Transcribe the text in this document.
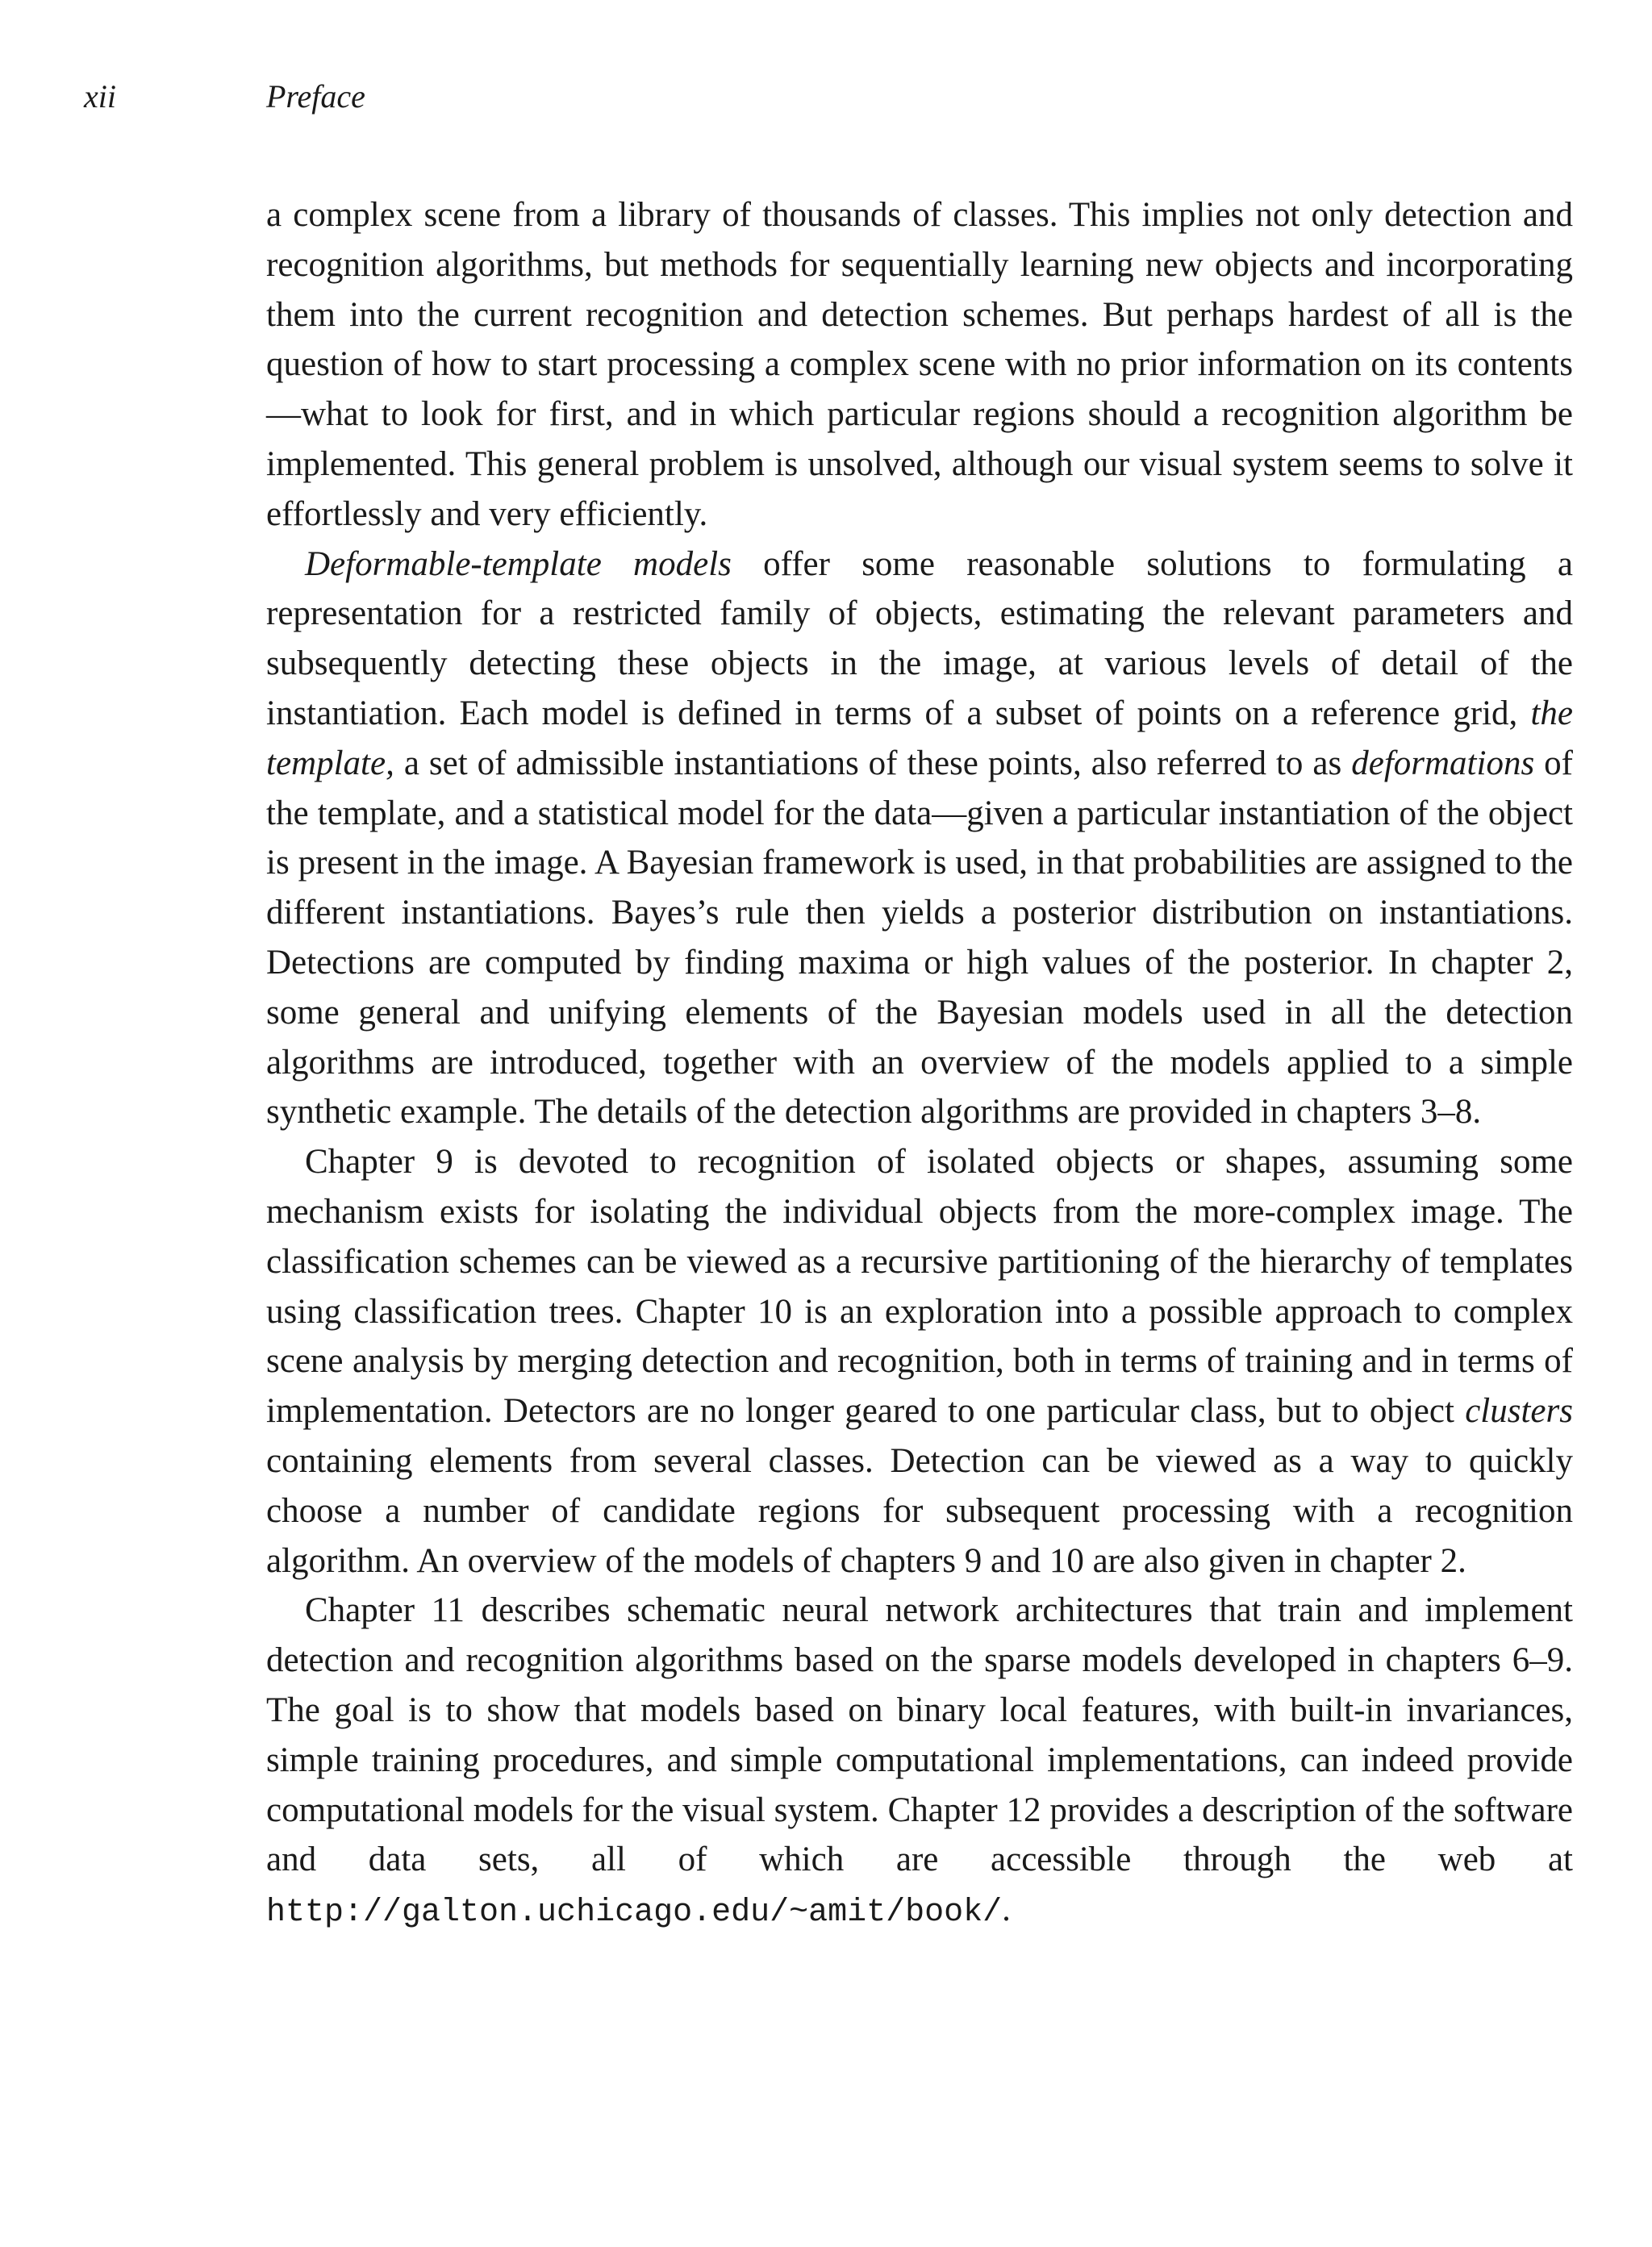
xii	Preface

a complex scene from a library of thousands of classes. This implies not only detection and recognition algorithms, but methods for sequentially learning new objects and incorporating them into the current recognition and detection schemes. But perhaps hardest of all is the question of how to start processing a complex scene with no prior information on its contents—what to look for first, and in which particular regions should a recognition algorithm be implemented. This general problem is unsolved, although our visual system seems to solve it effortlessly and very efficiently.

Deformable-template models offer some reasonable solutions to formulating a representation for a restricted family of objects, estimating the relevant parameters and subsequently detecting these objects in the image, at various levels of detail of the instantiation. Each model is defined in terms of a subset of points on a reference grid, the template, a set of admissible instantiations of these points, also referred to as deformations of the template, and a statistical model for the data—given a particular instantiation of the object is present in the image. A Bayesian framework is used, in that probabilities are assigned to the different instantiations. Bayes’s rule then yields a posterior distribution on instantiations. Detections are computed by finding maxima or high values of the posterior. In chapter 2, some general and unifying elements of the Bayesian models used in all the detection algorithms are introduced, together with an overview of the models applied to a simple synthetic example. The details of the detection algorithms are provided in chapters 3–8.

Chapter 9 is devoted to recognition of isolated objects or shapes, assuming some mechanism exists for isolating the individual objects from the more-complex image. The classification schemes can be viewed as a recursive partitioning of the hierarchy of templates using classification trees. Chapter 10 is an exploration into a possible approach to complex scene analysis by merging detection and recognition, both in terms of training and in terms of implementation. Detectors are no longer geared to one particular class, but to object clusters containing elements from several classes. Detection can be viewed as a way to quickly choose a number of candidate regions for subsequent processing with a recognition algorithm. An overview of the models of chapters 9 and 10 are also given in chapter 2.

Chapter 11 describes schematic neural network architectures that train and implement detection and recognition algorithms based on the sparse models developed in chapters 6–9. The goal is to show that models based on binary local features, with built-in invariances, simple training procedures, and simple computational implementations, can indeed provide computational models for the visual system. Chapter 12 provides a description of the software and data sets, all of which are accessible through the web at http://galton.uchicago.edu/~amit/book/.
